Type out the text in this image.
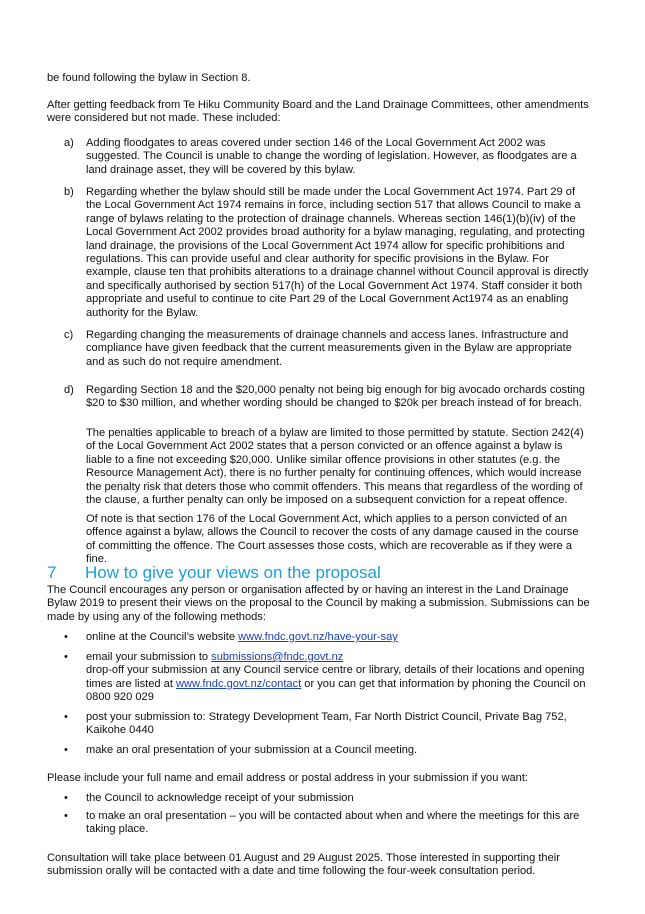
be found following the bylaw in Section 8.

After getting feedback from Te Hiku Community Board and the Land Drainage Committees, other amendments were considered but not made. These included:

a) Adding floodgates to areas covered under section 146 of the Local Government Act 2002 was suggested. The Council is unable to change the wording of legislation. However, as floodgates are a land drainage asset, they will be covered by this bylaw.
b) Regarding whether the bylaw should still be made under the Local Government Act 1974. Part 29 of the Local Government Act 1974 remains in force, including section 517 that allows Council to make a range of bylaws relating to the protection of drainage channels. Whereas section 146(1)(b)(iv) of the Local Government Act 2002 provides broad authority for a bylaw managing, regulating, and protecting land drainage, the provisions of the Local Government Act 1974 allow for specific prohibitions and regulations. This can provide useful and clear authority for specific provisions in the Bylaw. For example, clause ten that prohibits alterations to a drainage channel without Council approval is directly and specifically authorised by section 517(h) of the Local Government Act 1974. Staff consider it both appropriate and useful to continue to cite Part 29 of the Local Government Act1974 as an enabling authority for the Bylaw.
c) Regarding changing the measurements of drainage channels and access lanes. Infrastructure and compliance have given feedback that the current measurements given in the Bylaw are appropriate and as such do not require amendment.
d) Regarding Section 18 and the $20,000 penalty not being big enough for big avocado orchards costing $20 to $30 million, and whether wording should be changed to $20k per breach instead of for breach.

The penalties applicable to breach of a bylaw are limited to those permitted by statute. Section 242(4) of the Local Government Act 2002 states that a person convicted or an offence against a bylaw is liable to a fine not exceeding $20,000. Unlike similar offence provisions in other statutes (e.g. the Resource Management Act), there is no further penalty for continuing offences, which would increase the penalty risk that deters those who commit offenders. This means that regardless of the wording of the clause, a further penalty can only be imposed on a subsequent conviction for a repeat offence.

Of note is that section 176 of the Local Government Act, which applies to a person convicted of an offence against a bylaw, allows the Council to recover the costs of any damage caused in the course of committing the offence. The Court assesses those costs, which are recoverable as if they were a fine.

7 How to give your views on the proposal

The Council encourages any person or organisation affected by or having an interest in the Land Drainage Bylaw 2019 to present their views on the proposal to the Council by making a submission. Submissions can be made by using any of the following methods:

• online at the Council’s website www.fndc.govt.nz/have-your-say
• email your submission to submissions@fndc.govt.nz
drop-off your submission at any Council service centre or library, details of their locations and opening times are listed at www.fndc.govt.nz/contact or you can get that information by phoning the Council on 0800 920 029
• post your submission to: Strategy Development Team, Far North District Council, Private Bag 752, Kaikohe 0440
• make an oral presentation of your submission at a Council meeting.

Please include your full name and email address or postal address in your submission if you want:

• the Council to acknowledge receipt of your submission
• to make an oral presentation – you will be contacted about when and where the meetings for this are taking place.

Consultation will take place between 01 August and 29 August 2025. Those interested in supporting their submission orally will be contacted with a date and time following the four-week consultation period.
